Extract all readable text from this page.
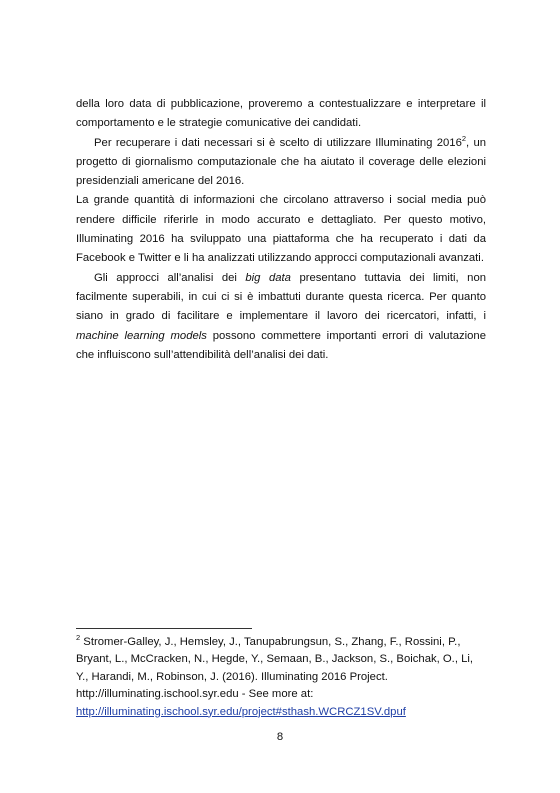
della loro data di pubblicazione, proveremo a contestualizzare e interpretare il comportamento e le strategie comunicative dei candidati.

Per recuperare i dati necessari si è scelto di utilizzare Illuminating 2016$^2$, un progetto di giornalismo computazionale che ha aiutato il coverage delle elezioni presidenziali americane del 2016.

La grande quantità di informazioni che circolano attraverso i social media può rendere difficile riferirle in modo accurato e dettagliato. Per questo motivo, Illuminating 2016 ha sviluppato una piattaforma che ha recuperato i dati da Facebook e Twitter e li ha analizzati utilizzando approcci computazionali avanzati.

Gli approcci all’analisi dei big data presentano tuttavia dei limiti, non facilmente superabili, in cui ci si è imbattuti durante questa ricerca. Per quanto siano in grado di facilitare e implementare il lavoro dei ricercatori, infatti, i machine learning models possono commettere importanti errori di valutazione che influiscono sull’attendibilità dell’analisi dei dati.

$^2$ Stromer-Galley, J., Hemsley, J., Tanupabrungsun, S., Zhang, F., Rossini, P., Bryant, L., McCracken, N., Hegde, Y., Semaan, B., Jackson, S., Boichak, O., Li, Y., Harandi, M., Robinson, J. (2016). Illuminating 2016 Project. http://illuminating.ischool.syr.edu - See more at:
http://illuminating.ischool.syr.edu/project#sthash.WCRCZ1SV.dpuf
8
